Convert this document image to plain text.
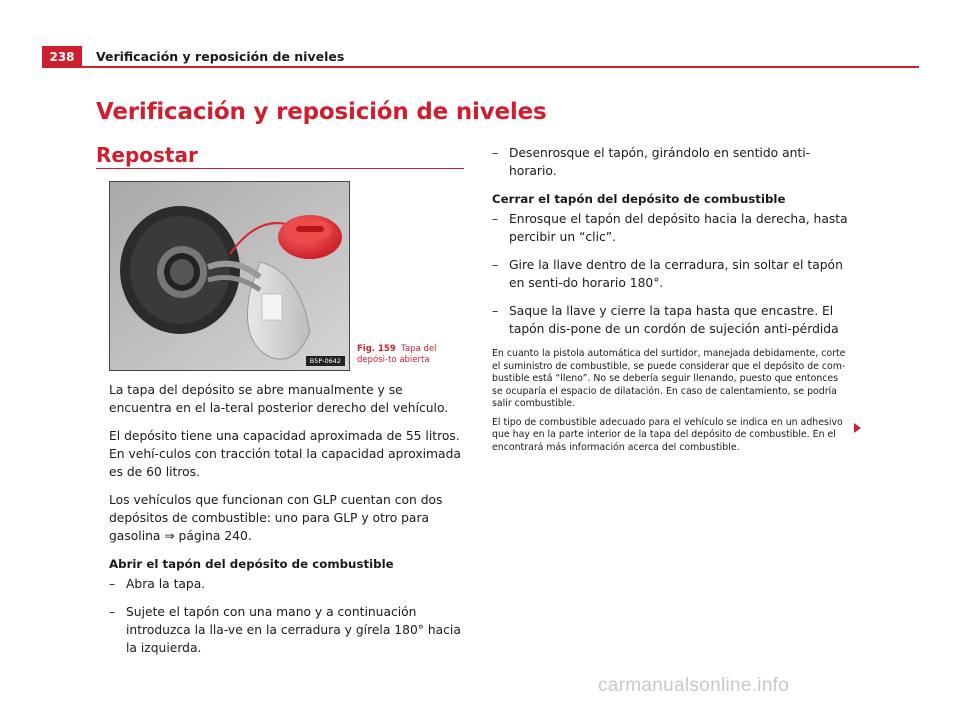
238	Verificación y reposición de niveles
Verificación y reposición de niveles
Repostar
B5P-0642
Fig. 159 Tapa del depósi-to abierta

La tapa del depósito se abre manualmente y se encuentra en el la-teral posterior derecho del vehículo.

El depósito tiene una capacidad aproximada de 55 litros. En vehí-culos con tracción total la capacidad aproximada es de 60 litros.

Los vehículos que funcionan con GLP cuentan con dos depósitos de combustible: uno para GLP y otro para gasolina ⇒ página 240.

Abrir el tapón del depósito de combustible
– Abra la tapa.
– Sujete el tapón con una mano y a continuación introduzca la lla-ve en la cerradura y gírela 180° hacia la izquierda.
– Desenrosque el tapón, girándolo en sentido anti-horario.
Cerrar el tapón del depósito de combustible
– Enrosque el tapón del depósito hacia la derecha, hasta percibir un “clic”.
– Gire la llave dentro de la cerradura, sin soltar el tapón en senti-do horario 180°.
– Saque la llave y cierre la tapa hasta que encastre. El tapón dis-pone de un cordón de sujeción anti-pérdida

En cuanto la pistola automática del surtidor, manejada debidamente, corte el suministro de combustible, se puede considerar que el depósito de com-bustible está “lleno”. No se debería seguir llenando, puesto que entonces se ocuparía el espacio de dilatación. En caso de calentamiento, se podría salir combustible.

El tipo de combustible adecuado para el vehículo se indica en un adhesivo que hay en la parte interior de la tapa del depósito de combustible. En el encontrará más información acerca del combustible.

carmanualsonline.info
